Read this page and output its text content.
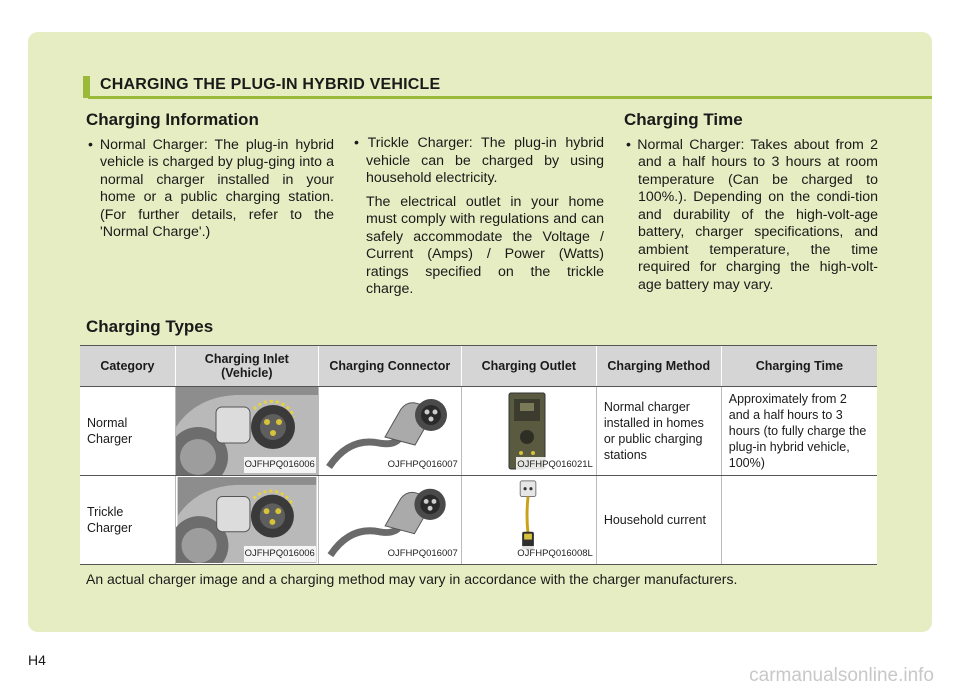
CHARGING THE PLUG-IN HYBRID VEHICLE
Charging Information

• Normal Charger: The plug-in hybrid vehicle is charged by plug-ging into a normal charger installed in your home or a public charging station. (For further details, refer to the 'Normal Charge'.)

• Trickle Charger: The plug-in hybrid vehicle can be charged by using household electricity.

The electrical outlet in your home must comply with regulations and can safely accommodate the Voltage / Current (Amps) / Power (Watts) ratings specified on the trickle charge.

Charging Time

• Normal Charger: Takes about from 2 and a half hours to 3 hours at room temperature (Can be charged to 100%.). Depending on the condi-tion and durability of the high-volt-age battery, charger specifications, and ambient temperature, the time required for charging the high-volt-age battery may vary.

Charging Types
Category	Charging Inlet (Vehicle)	Charging Connector	Charging Outlet	Charging Method	Charging Time
Normal Charger	OJFHPQ016006	OJFHPQ016007	OJFHPQ016021L	Normal charger installed in homes or public charging stations	Approximately from 2 and a half hours to 3 hours (to fully charge the plug-in hybrid vehicle, 100%)
Trickle Charger	OJFHPQ016006	OJFHPQ016007	OJFHPQ016008L	Household current	
An actual charger image and a charging method may vary in accordance with the charger manufacturers.
H4
carmanualsonline.info
